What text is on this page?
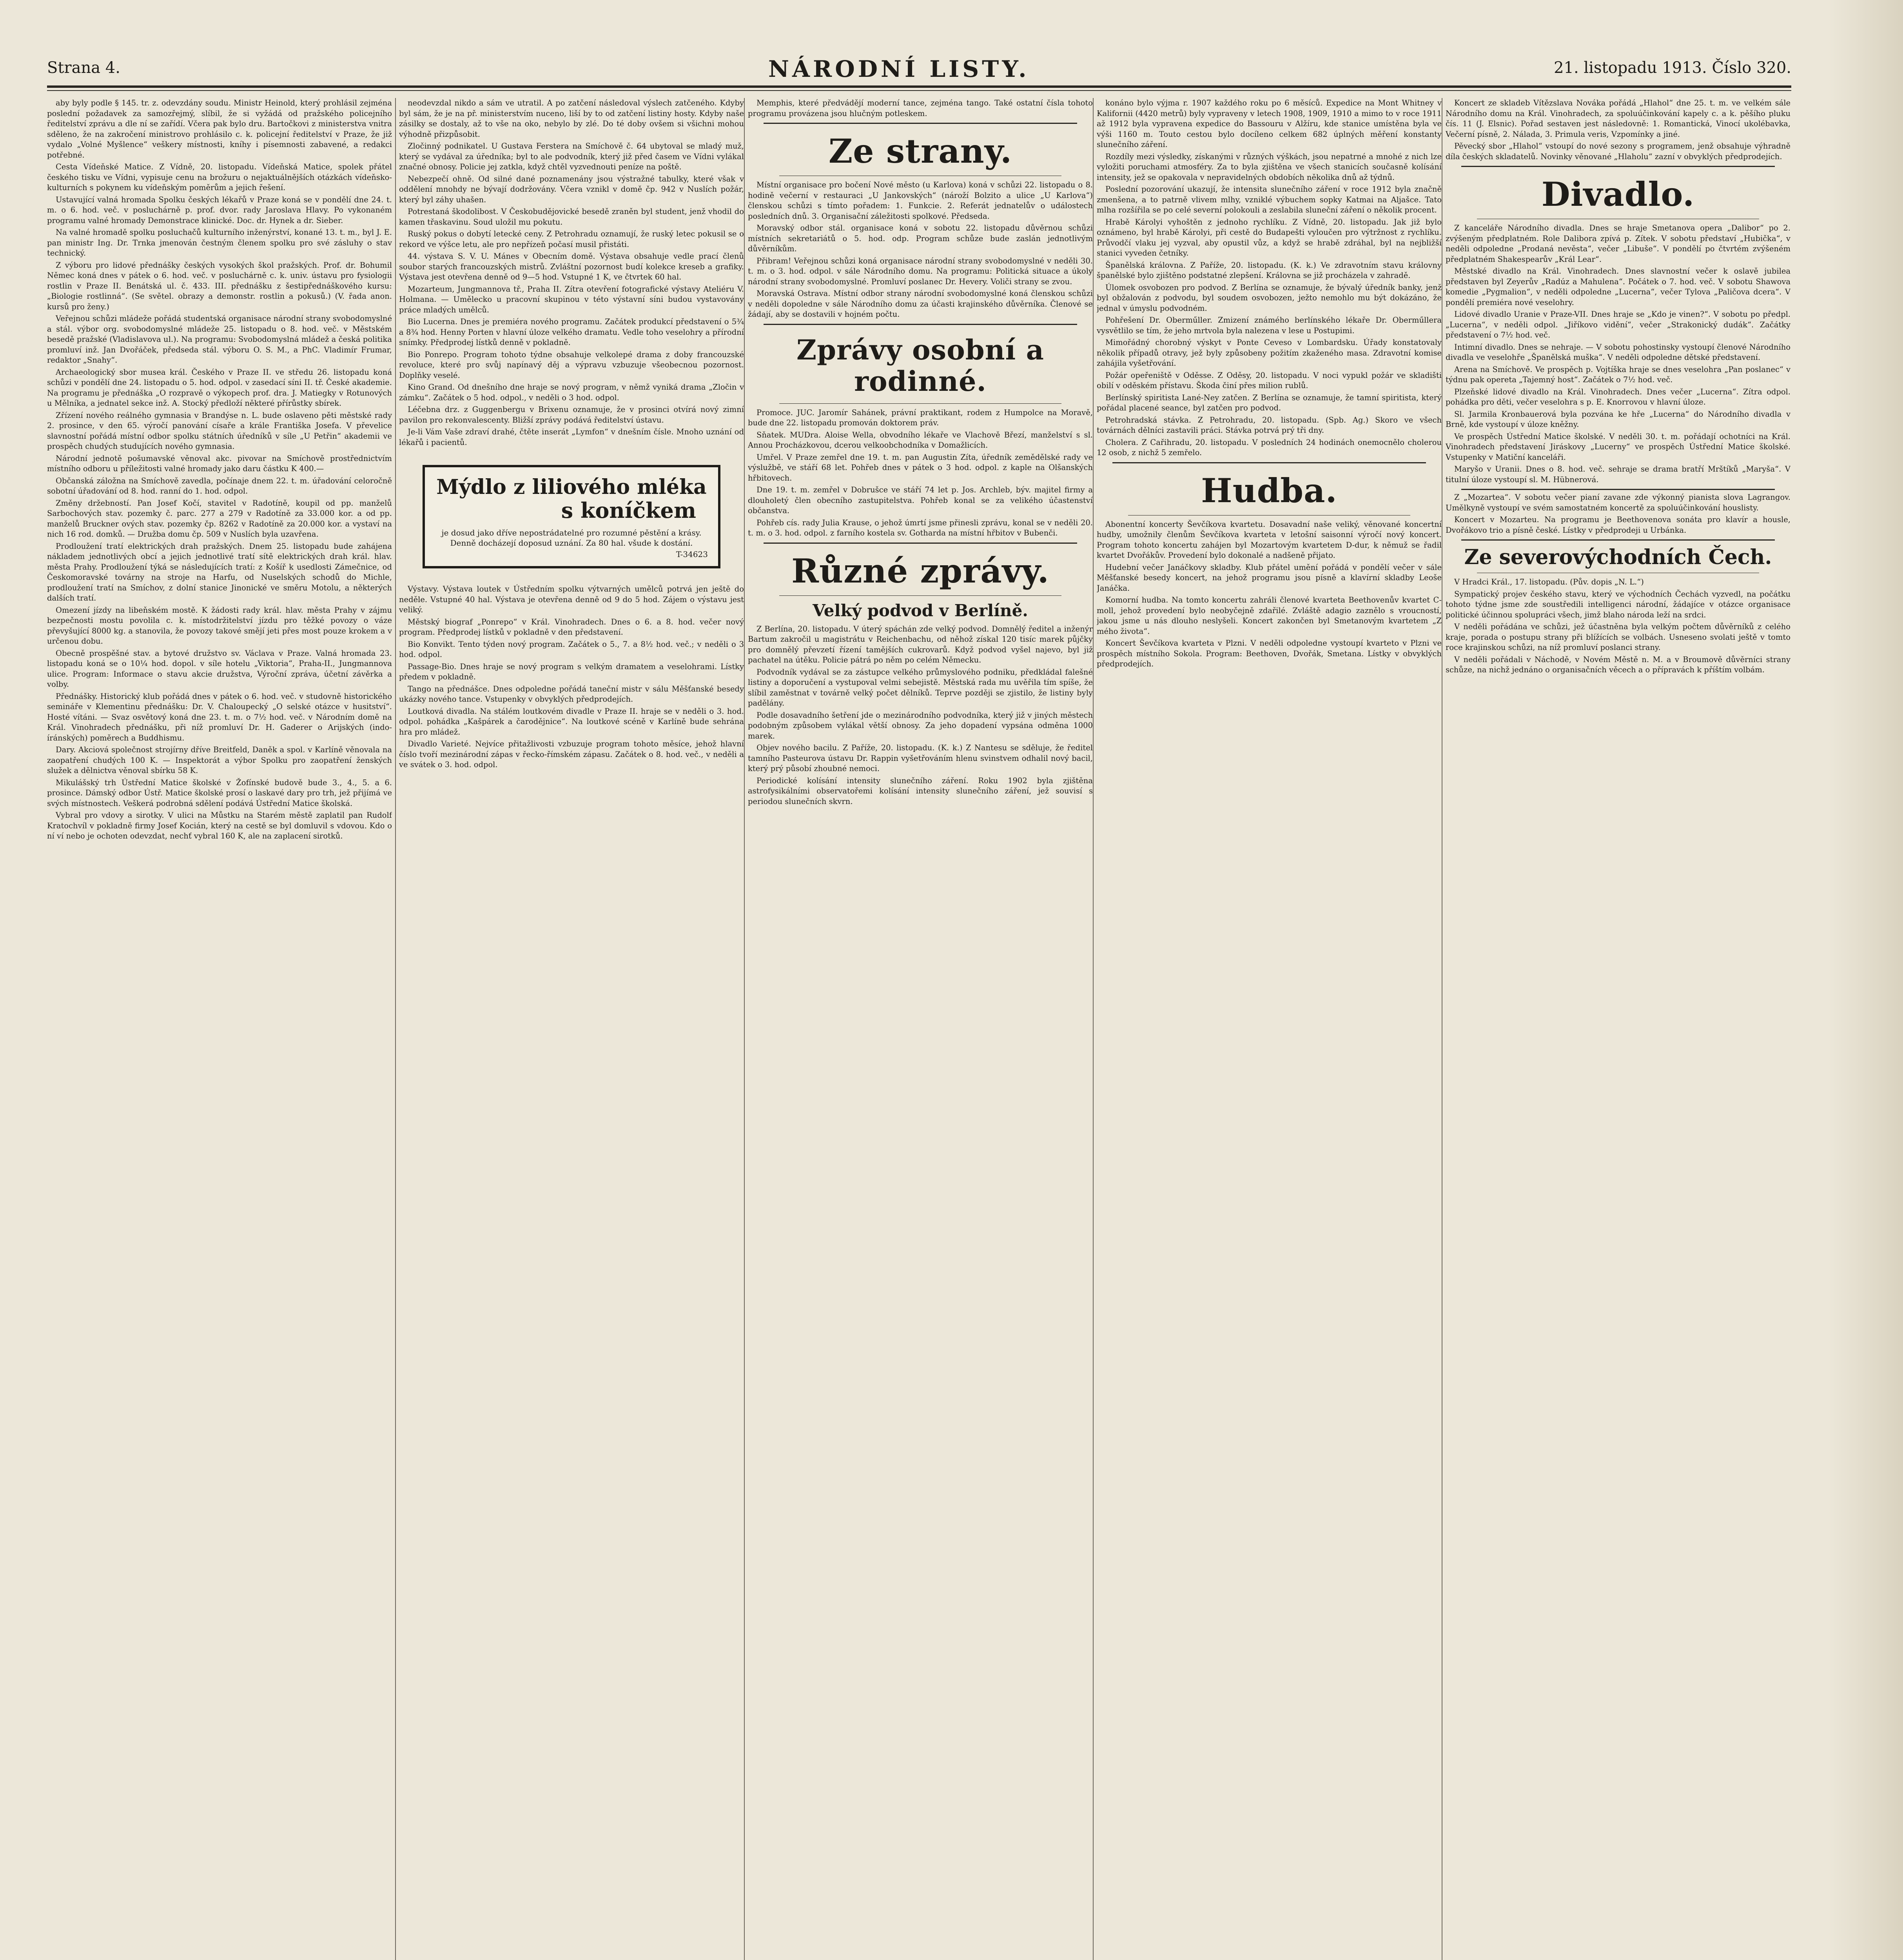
Strana 4.	NÁRODNÍ LISTY.	21. listopadu 1913. Číslo 320.

aby byly podle § 145. tr. z. odevzdány soudu. Ministr Heinold, který prohlásil zejména poslední požadavek za samozřejmý, slíbil, že si vyžádá od pražského policejního ředitelství zprávu a dle ní se zařídí. Včera pak bylo dru. Bartočkovi z ministerstva vnitra sděleno, že na zakročení ministrovo prohlásilo c. k. policejní ředitelství v Praze, že již vydalo „Volné Myšlence“ veškery místnosti, kníhy i písemnosti zabavené, a redakci potřebné.

Cesta Vídeňské Matice. Z Vídně, 20. listopadu. Vídeňská Matice, spolek přátel českého tisku ve Vídni, vypisuje cenu na brožuru o nejaktuálnějších otázkách vídeňsko-kulturních s pokynem ku vídeňským poměrům a jejich řešení.

Ustavující valná hromada Spolku českých lékařů v Praze koná se v pondělí dne 24. t. m. o 6. hod. več. v posluchárně p. prof. dvor. rady Jaroslava Hlavy. Po vykonaném programu valné hromady Demonstrace klinické. Doc. dr. Hynek a dr. Sieber.

Na valné hromadě spolku posluchačů kulturního inženýrství, konané 13. t. m., byl J. E. pan ministr Ing. Dr. Trnka jmenován čestným členem spolku pro své zásluhy o stav technický.

Z výboru pro lidové přednášky českých vysokých škol pražských. Prof. dr. Bohumil Němec koná dnes v pátek o 6. hod. več. v posluchárně c. k. univ. ústavu pro fysiologii rostlin v Praze II. Benátská ul. č. 433. III. přednášku z šestipřednáškového kursu: „Biologie rostlinná“. (Se světel. obrazy a demonstr. rostlin a pokusů.) (V. řada anon. kursů pro ženy.)

Veřejnou schůzi mládeže pořádá studentská organisace národní strany svobodomyslné a stál. výbor org. svobodomyslné mládeže 25. listopadu o 8. hod. več. v Městském besedě pražské (Vladislavova ul.). Na programu: Svobodomyslná mládež a česká politika promluví inž. Jan Dvořáček, předseda stál. výboru O. S. M., a PhC. Vladimír Frumar, redaktor „Snahy“.

Archaeologický sbor musea král. Českého v Praze II. ve středu 26. listopadu koná schůzi v pondělí dne 24. listopadu o 5. hod. odpol. v zasedací síni II. tř. České akademie. Na programu je přednáška „O rozpravě o výkopech prof. dra. J. Matiegky v Rotunových u Mělníka, a jednatel sekce inž. A. Stocký předloží některé přírůstky sbírek.

Zřízení nového reálného gymnasia v Brandýse n. L. bude oslaveno pěti městské rady 2. prosince, v den 65. výročí panování císaře a krále Františka Josefa. V převelice slavnostní pořádá místní odbor spolku státních úředníků v síle „U Petřin“ akademii ve prospěch chudých studujících nového gymnasia.

Národní jednotě pošumavské věnoval akc. pivovar na Smíchově prostřednictvím místního odboru u příležitosti valné hromady jako daru částku K 400.—

Občanská záložna na Smíchově zavedla, počínaje dnem 22. t. m. úřadování celoročně sobotní úřadování od 8. hod. ranní do 1. hod. odpol.

Změny držebností. Pan Josef Kočí, stavitel v Radotíně, koupil od pp. manželů Sarbochových stav. pozemky č. parc. 277 a 279 v Radotíně za 33.000 kor. a od pp. manželů Bruckner ových stav. pozemky čp. 8262 v Radotíně za 20.000 kor. a vystaví na nich 16 rod. domků. — Družba domu čp. 509 v Nuslích byla uzavřena.

Prodloužení tratí elektrických drah pražských. Dnem 25. listopadu bude zahájena nákladem jednotlivých obcí a jejich jednotlivé tratí sítě elektrických drah král. hlav. města Prahy. Prodloužení týká se následujících tratí: z Košíř k usedlosti Zámečnice, od Českomoravské továrny na stroje na Harfu, od Nuselských schodů do Michle, prodloužení tratí na Smíchov, z dolní stanice Jinonické ve směru Motolu, a některých dalších tratí.

Omezení jízdy na libeňském mostě. K žádosti rady král. hlav. města Prahy v zájmu bezpečnosti mostu povolila c. k. místodržitelství jízdu pro těžké povozy o váze převyšující 8000 kg. a stanovila, že povozy takové smějí jeti přes most pouze krokem a v určenou dobu.

Obecně prospěšné stav. a bytové družstvo sv. Václava v Praze. Valná hromada 23. listopadu koná se o 10¼ hod. dopol. v síle hotelu „Viktoria“, Praha-II., Jungmannova ulice. Program: Informace o stavu akcie družstva, Výroční zpráva, účetní závěrka a volby.

Přednášky. Historický klub pořádá dnes v pátek o 6. hod. več. v studovně historického semináře v Klementinu přednášku: Dr. V. Chaloupecký „O selské otázce v husitství“. Hosté vítáni. — Svaz osvětový koná dne 23. t. m. o 7½ hod. več. v Národním domě na Král. Vinohradech přednášku, při níž promluví Dr. H. Gaderer o Arijských (indo-íránských) poměrech a Buddhismu.

Dary. Akciová společnost strojírny dříve Breitfeld, Daněk a spol. v Karlíně věnovala na zaopatření chudých 100 K. — Inspektorát a výbor Spolku pro zaopatření ženských služek a dělnictva věnoval sbírku 58 K.

Mikulášský trh Ústřední Matice školské v Žofínské budově bude 3., 4., 5. a 6. prosince. Dámský odbor Ústř. Matice školské prosí o laskavé dary pro trh, jež přijímá ve svých místnostech. Veškerá podrobná sdělení podává Ústřední Matice školská.

Vybral pro vdovy a sirotky. V ulici na Můstku na Starém městě zaplatil pan Rudolf Kratochvíl v pokladně firmy Josef Kocián, který na cestě se byl domluvil s vdovou. Kdo o ní ví nebo je ochoten odevzdat, nechť vybral 160 K, ale na zaplacení sirotků.

neodevzdal nikdo a sám ve utratil. A po zatčení následoval výslech zatčeného. Kdyby byl sám, že je na př. ministerstvím nuceno, liší by to od zatčení listiny hosty. Kdyby naše zásilky se dostaly, až to vše na oko, nebylo by zlé. Do té doby ovšem si všichni mohou výhodně přizpůsobit.

Zločinný podnikatel. U Gustava Ferstera na Smíchově č. 64 ubytoval se mladý muž, který se vydával za úředníka; byl to ale podvodník, který již před časem ve Vídni vylákal značné obnosy. Policie jej zatkla, když chtěl vyzvednouti peníze na poště.

Nebezpečí ohně. Od silné dané poznamenány jsou výstražné tabulky, které však v oddělení mnohdy ne bývají dodržovány. Včera vznikl v domě čp. 942 v Nuslích požár, který byl záhy uhašen.

Potrestaná škodolibost. V Českobudějovické besedě zraněn byl student, jenž vhodil do kamen třaskavinu. Soud uložil mu pokutu.

Ruský pokus o dobytí letecké ceny. Z Petrohradu oznamují, že ruský letec pokusil se o rekord ve výšce letu, ale pro nepřízeň počasí musil přistáti.

44. výstava S. V. U. Mánes v Obecním domě. Výstava obsahuje vedle prací členů soubor starých francouzských mistrů. Zvláštní pozornost budí kolekce kreseb a grafiky. Výstava jest otevřena denně od 9—5 hod. Vstupné 1 K, ve čtvrtek 60 hal.

Mozarteum, Jungmannova tř., Praha II. Zítra otevření fotografické výstavy Ateliéru V. Holmana. — Umělecko u pracovní skupinou v této výstavní síni budou vystavovány práce mladých umělců.

Bio Lucerna. Dnes je premiéra nového programu. Začátek produkcí představení o 5¾ a 8¾ hod. Henny Porten v hlavní úloze velkého dramatu. Vedle toho veselohry a přírodní snímky. Předprodej lístků denně v pokladně.

Bio Ponrepo. Program tohoto týdne obsahuje velkolepé drama z doby francouzské revoluce, které pro svůj napínavý děj a výpravu vzbuzuje všeobecnou pozornost. Doplňky veselé.

Kino Grand. Od dnešního dne hraje se nový program, v němž vyniká drama „Zločin v zámku“. Začátek o 5 hod. odpol., v neděli o 3 hod. odpol.

Léčebna drz. z Guggenbergu v Brixenu oznamuje, že v prosinci otvírá nový zimní pavilon pro rekonvalescenty. Bližší zprávy podává ředitelství ústavu.

Je-li Vám Vaše zdraví drahé, čtěte inserát „Lymfon“ v dnešním čísle. Mnoho uznání od lékařů i pacientů.

Mýdlo z liliového mléka
s koníčkem
je dosud jako dříve nepostrádatelné pro rozumné pěstění a krásy. Denně docházejí doposud uznání. Za 80 hal. všude k dostání.
T-34623

Výstavy. Výstava loutek v Ústředním spolku výtvarných umělců potrvá jen ještě do neděle. Vstupné 40 hal. Výstava je otevřena denně od 9 do 5 hod. Zájem o výstavu jest veliký.

Městský biograf „Ponrepo“ v Král. Vinohradech. Dnes o 6. a 8. hod. večer nový program. Předprodej lístků v pokladně v den představení.

Bio Konvikt. Tento týden nový program. Začátek o 5., 7. a 8½ hod. več.; v neděli o 3 hod. odpol.

Passage-Bio. Dnes hraje se nový program s velkým dramatem a veselohrami. Lístky předem v pokladně.

Tango na přednášce. Dnes odpoledne pořádá taneční mistr v sálu Měšťanské besedy ukázky nového tance. Vstupenky v obvyklých předprodejích.

Loutková divadla. Na stálém loutkovém divadle v Praze II. hraje se v neděli o 3. hod. odpol. pohádka „Kašpárek a čarodějnice“. Na loutkové scéně v Karlíně bude sehrána hra pro mládež.

Divadlo Varieté. Nejvíce přitažlivosti vzbuzuje program tohoto měsíce, jehož hlavní číslo tvoří mezinárodní zápas v řecko-římském zápasu. Začátek o 8. hod. več., v neděli a ve svátek o 3. hod. odpol.

Memphis, které předvádějí moderní tance, zejména tango. Také ostatní čísla tohoto programu provázena jsou hlučným potleskem.

Ze strany.

Místní organisace pro bočení Nové město (u Karlova) koná v schůzi 22. listopadu o 8. hodině večerní v restauraci „U Jankovských“ (nároží Bolzito a ulice „U Karlova“) členskou schůzi s tímto pořadem: 1. Funkcie. 2. Referát jednatelův o událostech posledních dnů. 3. Organisační záležitosti spolkové. Předseda.

Moravský odbor stál. organisace koná v sobotu 22. listopadu důvěrnou schůzi místních sekretariátů o 5. hod. odp. Program schůze bude zaslán jednotlivým důvěrníkům.

Přibram! Veřejnou schůzi koná organisace národní strany svobodomyslné v neděli 30. t. m. o 3. hod. odpol. v sále Národního domu. Na programu: Politická situace a úkoly národní strany svobodomyslné. Promluví poslanec Dr. Hevery. Voliči strany se zvou.

Moravská Ostrava. Místní odbor strany národní svobodomyslné koná členskou schůzi v neděli dopoledne v sále Národního domu za účasti krajinského důvěrníka. Členové se žádají, aby se dostavili v hojném počtu.

Zprávy osobní a rodinné.

Promoce. JUC. Jaromír Sahánek, právní praktikant, rodem z Humpolce na Moravě, bude dne 22. listopadu promován doktorem práv.

Sňatek. MUDra. Aloise Wella, obvodního lékaře ve Vlachově Březí, manželství s sl. Annou Procházkovou, dcerou velkoobchodníka v Domažlicích.

Umřel. V Praze zemřel dne 19. t. m. pan Augustin Zíta, úředník zemědělské rady ve výslužbě, ve stáří 68 let. Pohřeb dnes v pátek o 3 hod. odpol. z kaple na Olšanských hřbitovech.

Dne 19. t. m. zemřel v Dobrušce ve stáří 74 let p. Jos. Archleb, býv. majitel firmy a dlouholetý člen obecního zastupitelstva. Pohřeb konal se za velikého účastenství občanstva.

Pohřeb cís. rady Julia Krause, o jehož úmrtí jsme přinesli zprávu, konal se v neděli 20. t. m. o 3. hod. odpol. z farního kostela sv. Gotharda na místní hřbitov v Bubenči.

Různé zprávy.
Velký podvod v Berlíně.

Z Berlína, 20. listopadu. V úterý spáchán zde velký podvod. Domnělý ředitel a inženýr Bartum zakročil u magistrátu v Reichenbachu, od něhož získal 120 tisíc marek půjčky pro domnělý převzetí řízení tamějších cukrovarů. Když podvod vyšel najevo, byl již pachatel na útěku. Policie pátrá po něm po celém Německu.

Podvodník vydával se za zástupce velkého průmyslového podniku, předkládal falešné listiny a doporučení a vystupoval velmi sebejistě. Městská rada mu uvěřila tím spíše, že slíbil zaměstnat v továrně velký počet dělníků. Teprve později se zjistilo, že listiny byly padělány.

Podle dosavadního šetření jde o mezinárodního podvodníka, který již v jiných městech podobným způsobem vylákal větší obnosy. Za jeho dopadení vypsána odměna 1000 marek.

Objev nového bacilu. Z Paříže, 20. listopadu. (K. k.) Z Nantesu se sděluje, že ředitel tamního Pasteurova ústavu Dr. Rappin vyšetřováním hlenu svinstvem odhalil nový bacil, který prý působí zhoubné nemoci.

Periodické kolísání intensity slunečního záření. Roku 1902 byla zjištěna astrofysikálními observatořemi kolísání intensity slunečního záření, jež souvisí s periodou slunečních skvrn.

konáno bylo výjma r. 1907 každého roku po 6 měsíců. Expedice na Mont Whitney v Kalifornii (4420 metrů) byly vypraveny v letech 1908, 1909, 1910 a mimo to v roce 1911 až 1912 byla vypravena expedice do Bassouru v Alžíru, kde stanice umístěna byla ve výši 1160 m. Touto cestou bylo docíleno celkem 682 úplných měření konstanty slunečního záření.

Rozdíly mezi výsledky, získanými v různých výškách, jsou nepatrné a mnohé z nich lze vyložiti poruchami atmosféry. Za to byla zjištěna ve všech stanicích současně kolísání intensity, jež se opakovala v nepravidelných obdobích několika dnů až týdnů.

Poslední pozorování ukazují, že intensita slunečního záření v roce 1912 byla značně zmenšena, a to patrně vlivem mlhy, vzniklé výbuchem sopky Katmai na Aljašce. Tato mlha rozšířila se po celé severní polokouli a zeslabila sluneční záření o několik procent.

Hrabě Károlyi vyhoštěn z jednoho rychlíku. Z Vídně, 20. listopadu. Jak již bylo oznámeno, byl hrabě Károlyi, při cestě do Budapešti vyloučen pro výtržnost z rychlíku. Průvodčí vlaku jej vyzval, aby opustil vůz, a když se hrabě zdráhal, byl na nejbližší stanici vyveden četníky.

Španělská královna. Z Paříže, 20. listopadu. (K. k.) Ve zdravotním stavu královny španělské bylo zjištěno podstatné zlepšení. Královna se již procházela v zahradě.

Úlomek osvobozen pro podvod. Z Berlína se oznamuje, že bývalý úředník banky, jenž byl obžalován z podvodu, byl soudem osvobozen, ježto nemohlo mu být dokázáno, že jednal v úmyslu podvodném.

Pohřešení Dr. Oberműller. Zmizení známého berlínského lékaře Dr. Oberműllera vysvětlilo se tím, že jeho mrtvola byla nalezena v lese u Postupimi.

Mimořádný chorobný výskyt v Ponte Ceveso v Lombardsku. Úřady konstatovaly několik případů otravy, jež byly způsobeny požitím zkaženého masa. Zdravotní komise zahájila vyšetřování.

Požár opeřeniště v Oděsse. Z Oděsy, 20. listopadu. V noci vypukl požár ve skladišti obilí v oděském přístavu. Škoda činí přes milion rublů.

Berlínský spiritista Lané-Ney zatčen. Z Berlína se oznamuje, že tamní spiritista, který pořádal placené seance, byl zatčen pro podvod.

Petrohradská stávka. Z Petrohradu, 20. listopadu. (Spb. Ag.) Skoro ve všech továrnách dělníci zastavili práci. Stávka potrvá prý tři dny.

Cholera. Z Cařihradu, 20. listopadu. V posledních 24 hodinách onemocnělo cholerou 12 osob, z nichž 5 zemřelo.

Hudba.

Abonentní koncerty Ševčíkova kvartetu. Dosavadní naše veliký, věnované koncertní hudby, umožnily členům Ševčíkova kvarteta v letošní saisonní výročí nový koncert. Program tohoto koncertu zahájen byl Mozartovým kvartetem D-dur, k němuž se řadil kvartet Dvořákův. Provedení bylo dokonalé a nadšeně přijato.

Hudební večer Janáčkovy skladby. Klub přátel umění pořádá v pondělí večer v sále Měšťanské besedy koncert, na jehož programu jsou písně a klavírní skladby Leoše Janáčka.

Komorní hudba. Na tomto koncertu zahráli členové kvarteta Beethovenův kvartet C-moll, jehož provedení bylo neobyčejně zdařilé. Zvláště adagio zaznělo s vroucností, jakou jsme u nás dlouho neslyšeli. Koncert zakončen byl Smetanovým kvartetem „Z mého života“.

Koncert Ševčíkova kvarteta v Plzni. V neděli odpoledne vystoupí kvarteto v Plzni ve prospěch místního Sokola. Program: Beethoven, Dvořák, Smetana. Lístky v obvyklých předprodejích.

Koncert ze skladeb Vítězslava Nováka pořádá „Hlahol“ dne 25. t. m. ve velkém sále Národního domu na Král. Vinohradech, za spoluúčinkování kapely c. a k. pěšího pluku čís. 11 (J. Elsnic). Pořad sestaven jest následovně: 1. Romantická, Vinocí ukolébavka, Večerní písně, 2. Nálada, 3. Primula veris, Vzpomínky a jiné.

Pěvecký sbor „Hlahol“ vstoupí do nové sezony s programem, jenž obsahuje výhradně díla českých skladatelů. Novinky věnované „Hlaholu“ zazní v obvyklých předprodejích.

Divadlo.

Z kanceláře Národního divadla. Dnes se hraje Smetanova opera „Dalibor“ po 2. zvýšeným předplatném. Role Dalibora zpívá p. Zítek. V sobotu představí „Hubička“, v neděli odpoledne „Prodaná nevěsta“, večer „Libuše“. V pondělí po čtvrtém zvýšeném předplatném Shakespearův „Král Lear“.

Městské divadlo na Král. Vinohradech. Dnes slavnostní večer k oslavě jubilea představen byl Zeyerův „Radúz a Mahulena“. Počátek o 7. hod. več. V sobotu Shawova komedie „Pygmalion“, v neděli odpoledne „Lucerna“, večer Tylova „Paličova dcera“. V pondělí premiéra nové veselohry.

Lidové divadlo Uranie v Praze-VII. Dnes hraje se „Kdo je vinen?“. V sobotu po předpl. „Lucerna“, v neděli odpol. „Jiříkovo vidění“, večer „Strakonický dudák“. Začátky představení o 7½ hod. več.

Intimní divadlo. Dnes se nehraje. — V sobotu pohostinsky vystoupí členové Národního divadla ve veselohře „Španělská muška“. V neděli odpoledne dětské představení.

Arena na Smíchově. Ve prospěch p. Vojtíška hraje se dnes veselohra „Pan poslanec“ v týdnu pak opereta „Tajemný host“. Začátek o 7½ hod. več.

Plzeňské lidové divadlo na Král. Vinohradech. Dnes večer „Lucerna“. Zítra odpol. pohádka pro děti, večer veselohra s p. E. Knorrovou v hlavní úloze.

Sl. Jarmila Kronbauerová byla pozvána ke hře „Lucerna“ do Národního divadla v Brně, kde vystoupí v úloze kněžny.

Ve prospěch Ústřední Matice školské. V neděli 30. t. m. pořádají ochotníci na Král. Vinohradech představení Jiráskovy „Lucerny“ ve prospěch Ústřední Matice školské. Vstupenky v Matiční kanceláři.

Maryšo v Uranii. Dnes o 8. hod. več. sehraje se drama bratří Mrštíků „Maryša“. V titulní úloze vystoupí sl. M. Hübnerová.

Z „Mozartea“. V sobotu večer pianí zavane zde výkonný pianista slova Lagrangov. Umělkyně vystoupí ve svém samostatném koncertě za spoluúčinkování houslisty.

Koncert v Mozarteu. Na programu je Beethovenova sonáta pro klavír a housle, Dvořákovo trio a písně české. Lístky v předprodeji u Urbánka.

Ze severovýchodních Čech.

V Hradci Král., 17. listopadu. (Pův. dopis „N. L.“)

Sympatický projev českého stavu, který ve východních Čechách vyzvedl, na počátku tohoto týdne jsme zde soustředili intelligenci národní, žádajíce v otázce organisace politické účinnou spolupráci všech, jimž blaho národa leží na srdci.

V neděli pořádána ve schůzi, jež účastněna byla velkým počtem důvěrníků z celého kraje, porada o postupu strany při blížících se volbách. Usneseno svolati ještě v tomto roce krajinskou schůzi, na níž promluví poslanci strany.

V neděli pořádali v Náchodě, v Novém Městě n. M. a v Broumově důvěrníci strany schůze, na nichž jednáno o organisačních věcech a o přípravách k příštím volbám.
